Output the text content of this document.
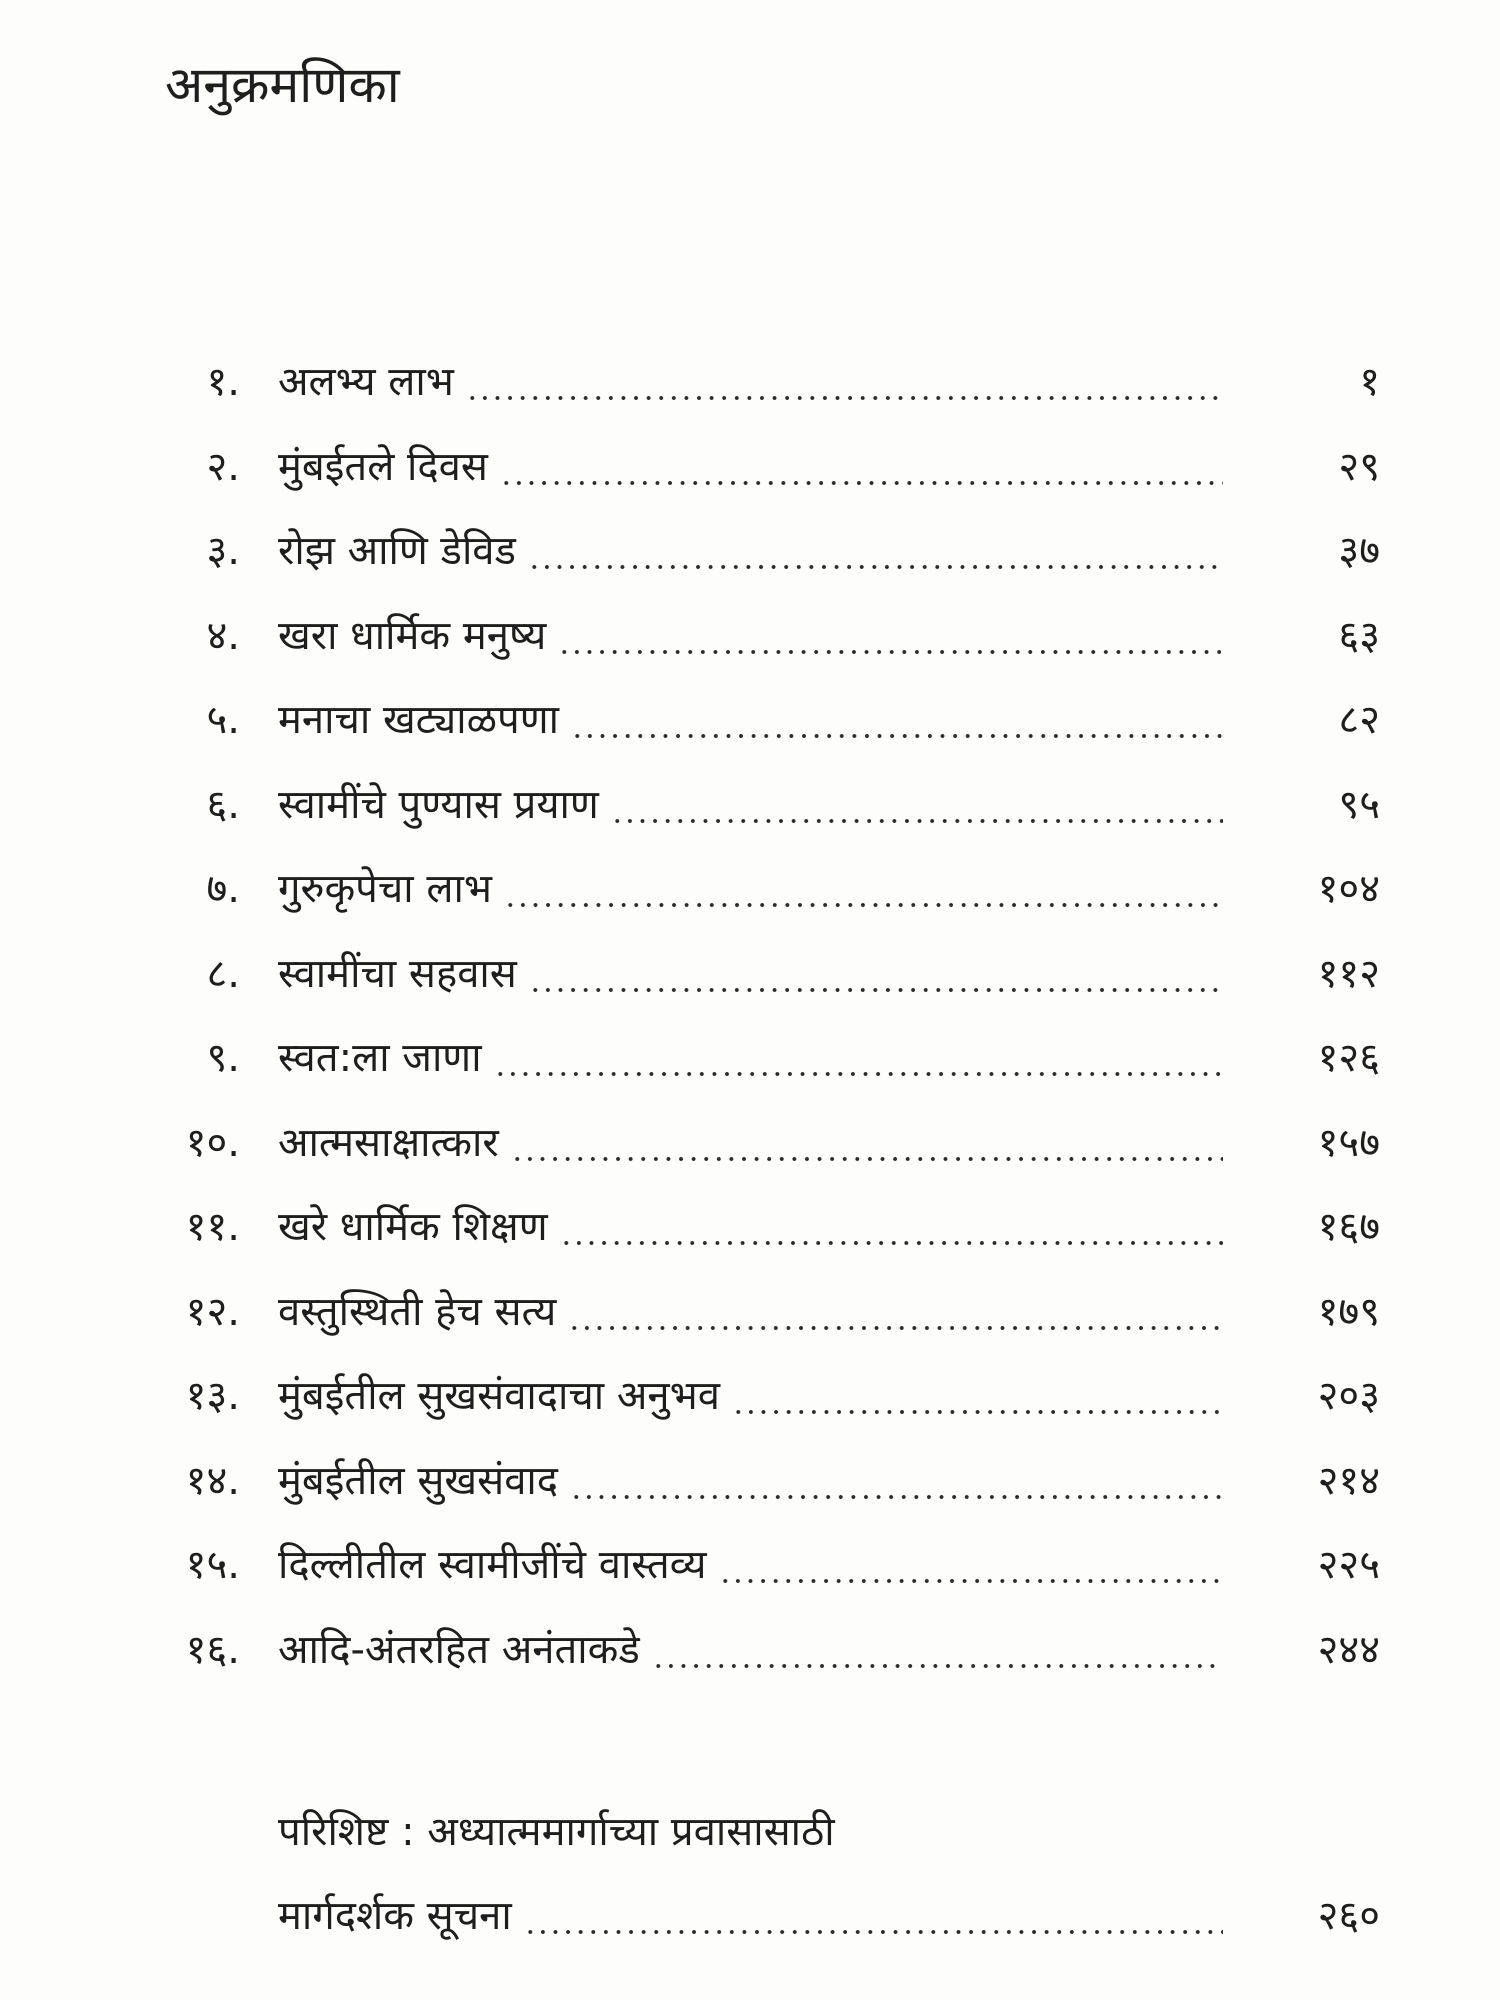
अनुक्रमणिका
१. अलभ्य लाभ	१
२. मुंबईतले दिवस	२९
३. रोझ आणि डेविड	३७
४. खरा धार्मिक मनुष्य	६३
५. मनाचा खट्याळपणा	८२
६. स्वामींचे पुण्यास प्रयाण	९५
७. गुरुकृपेचा लाभ	१०४
८. स्वामींचा सहवास	११२
९. स्वत:ला जाणा	१२६
१०. आत्मसाक्षात्कार	१५७
११. खरे धार्मिक शिक्षण	१६७
१२. वस्तुस्थिती हेच सत्य	१७९
१३. मुंबईतील सुखसंवादाचा अनुभव	२०३
१४. मुंबईतील सुखसंवाद	२१४
१५. दिल्लीतील स्वामीजींचे वास्तव्य	२२५
१६. आदि-अंतरहित अनंताकडे	२४४
परिशिष्ट : अध्यात्ममार्गाच्या प्रवासासाठी
मार्गदर्शक सूचना	२६०
